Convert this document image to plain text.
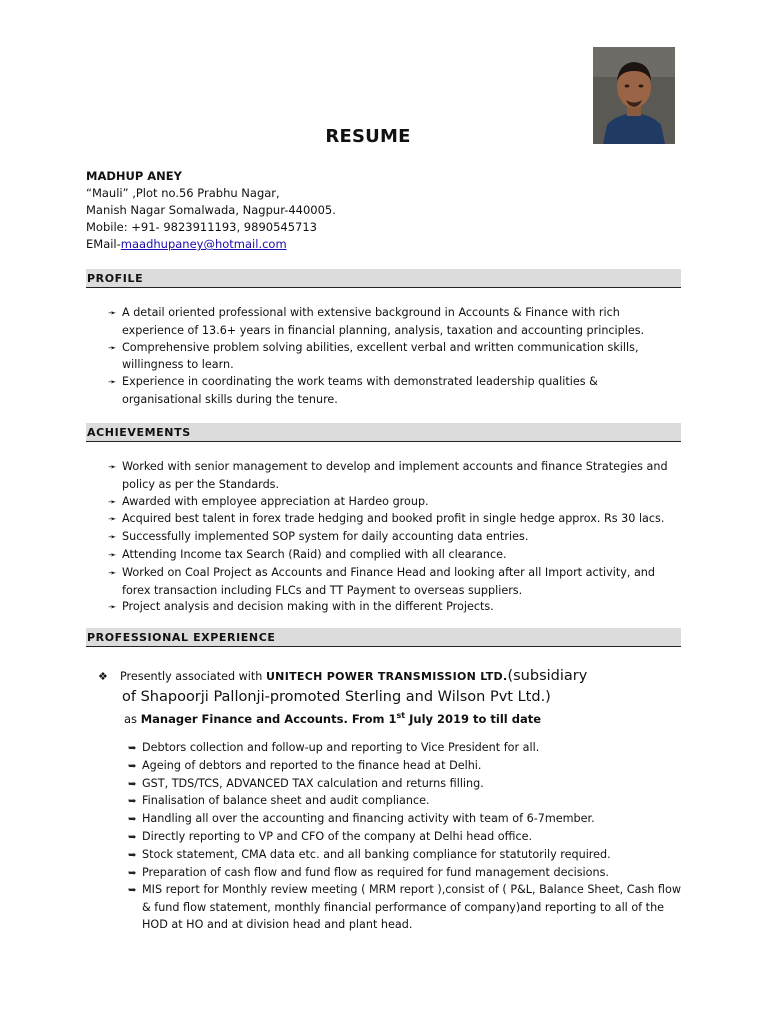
RESUME
MADHUP ANEY
“Mauli” ,Plot no.56 Prabhu Nagar,
Manish Nagar Somalwada, Nagpur-440005.
Mobile: +91- 9823911193, 9890545713
EMail-maadhupaney@hotmail.com
PROFILE
➛ A detail oriented professional with extensive background in Accounts & Finance with rich experience of 13.6+ years in financial planning, analysis, taxation and accounting principles.
➛ Comprehensive problem solving abilities, excellent verbal and written communication skills, willingness to learn.
➛ Experience in coordinating the work teams with demonstrated leadership qualities & organisational skills during the tenure.
ACHIEVEMENTS
➛ Worked with senior management to develop and implement accounts and finance Strategies and policy as per the Standards.
➛ Awarded with employee appreciation at Hardeo group.
➛ Acquired best talent in forex trade hedging and booked profit in single hedge approx. Rs 30 lacs.
➛ Successfully implemented SOP system for daily accounting data entries.
➛ Attending Income tax Search (Raid) and complied with all clearance.
➛ Worked on Coal Project as Accounts and Finance Head and looking after all Import activity, and forex transaction including FLCs and TT Payment to overseas suppliers.
➛ Project analysis and decision making with in the different Projects.
PROFESSIONAL EXPERIENCE
❖ Presently associated with UNITECH POWER TRANSMISSION LTD.(subsidiary
of Shapoorji Pallonji-promoted Sterling and Wilson Pvt Ltd.)
as Manager Finance and Accounts. From 1st July 2019 to till date
➥ Debtors collection and follow-up and reporting to Vice President for all.
➥ Ageing of debtors and reported to the finance head at Delhi.
➥ GST, TDS/TCS, ADVANCED TAX calculation and returns filling.
➥ Finalisation of balance sheet and audit compliance.
➥ Handling all over the accounting and financing activity with team of 6-7member.
➥ Directly reporting to VP and CFO of the company at Delhi head office.
➥ Stock statement, CMA data etc. and all banking compliance for statutorily required.
➥ Preparation of cash flow and fund flow as required for fund management decisions.
➥ MIS report for Monthly review meeting ( MRM report ),consist of ( P&L, Balance Sheet, Cash flow & fund flow statement, monthly financial performance of company)and reporting to all of the HOD at HO and at division head and plant head.
